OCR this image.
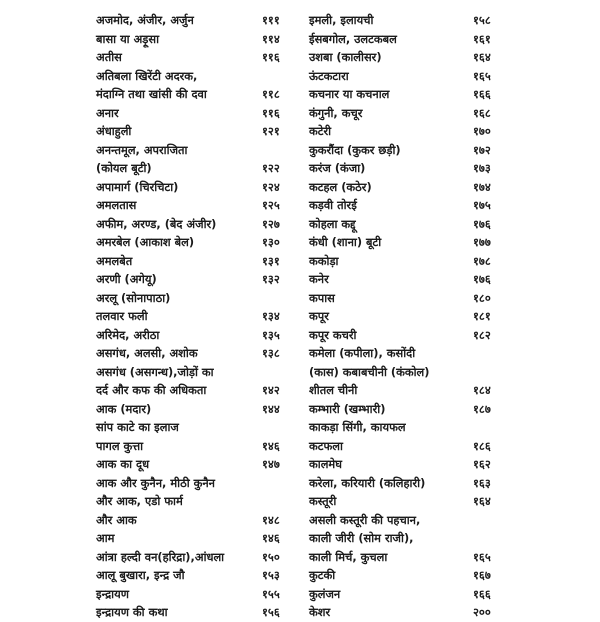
अजमोद, अंजीर, अर्जुन	१११
बासा या अड़ूसा	११४
अतीस	११६
अतिबला खिरेंटी अदरक,
मंदाग्नि तथा खांसी की दवा	११८
अनार	११६
अंधाहुली	१२१
अनन्तमूल, अपराजिता
(कोयल बूटी)	१२२
अपामार्ग (चिरचिटा)	१२४
अमलतास	१२५
अफीम, अरण्ड, (बेद अंजीर)	१२७
अमरबेल (आकाश बेल)	१३०
अमलबेत	१३१
अरणी (अगेयू)	१३२
अरलू (सोनापाठा)
तलवार फली	१३४
अरिमेद, अरीठा	१३५
असगंध, अलसी, अशोक	१३८
असगंध (असगन्ध),जोड़ों का
दर्द और कफ की अधिकता	१४२
आक (मदार)	१४४
सांप काटे का इलाज
पागल कुत्ता	१४६
आक का दूध	१४७
आक और कुनैन, मीठी कुनैन
और आक, एडो फार्म
और आक	१४८
आम	१४६
आंत्रा हल्दी वन(हरिद्रा),आंधला	१५०
आलू बुखारा, इन्द्र जौ	१५३
इन्द्रायण	१५५
इन्द्रायण की कथा	१५६
इमली, इलायची	१५८
ईसबगोल, उलटकबल	१६१
उशबा (कालीसर)	१६४
ऊंटकटारा	१६५
कचनार या कचनाल	१६६
कंगुनी, कचूर	१६८
कटेरी	१७०
कुकरौंदा (कुकर छड़ी)	१७२
करंज (कंजा)	१७३
कटहल (कठेर)	१७४
कड़वी तोरई	१७५
कोहला कद्दू	१७६
कंधी (शाना) बूटी	१७७
ककोड़ा	१७८
कनेर	१७६
कपास	१८०
कपूर	१८१
कपूर कचरी	१८२
कमेला (कपीला), कसोंदी
(कास) कबाबचीनी (कंकोल)
शीतल चीनी	१८४
कम्भारी (खम्भारी)	१८७
काकड़ा सिंगी, कायफल
कटफला	१८६
कालमेघ	१६२
करेला, करियारी (कलिहारी)	१६३
कस्तूरी	१६४
असली कस्तूरी की पहचान,
काली जीरी (सोम राजी),
काली मिर्च, कुचला	१६५
कुटकी	१६७
कुलंजन	१६६
केशर	२००
